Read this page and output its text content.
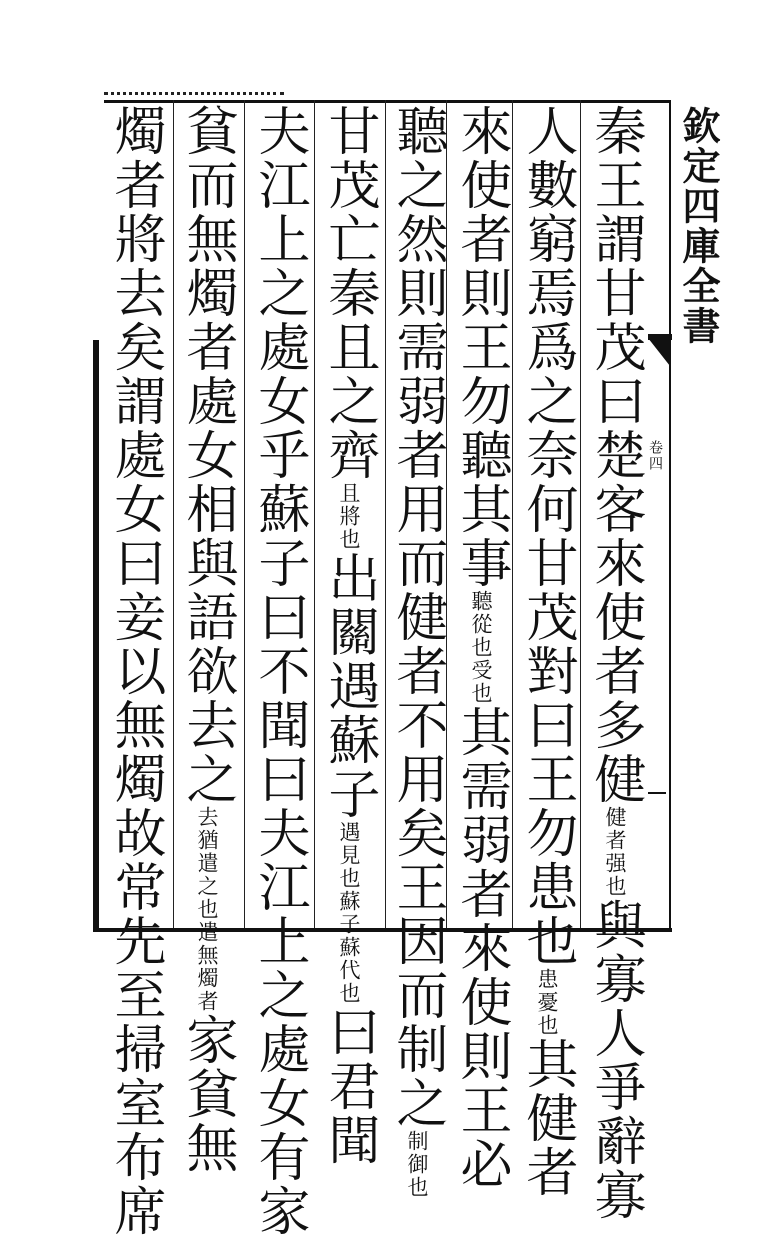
欽定四庫全書
卷四
秦王謂甘茂曰楚客來使者多健健者强也與寡人爭辭寡
人數窮焉爲之奈何甘茂對曰王勿患也患憂也其健者
來使者則王勿聽其事聽從也受也其需弱者來使則王必
聽之然則需弱者用而健者不用矣王因而制之制御也
甘茂亡秦且之齊且將也出關遇蘇子遇見也蘇子蘇代也曰君聞
夫江上之處女乎蘇子曰不聞曰夫江上之處女有家
貧而無燭者處女相與語欲去之去猶遣之也遣無燭者家貧無
燭者將去矣謂處女曰妾以無燭故常先至掃室布席
